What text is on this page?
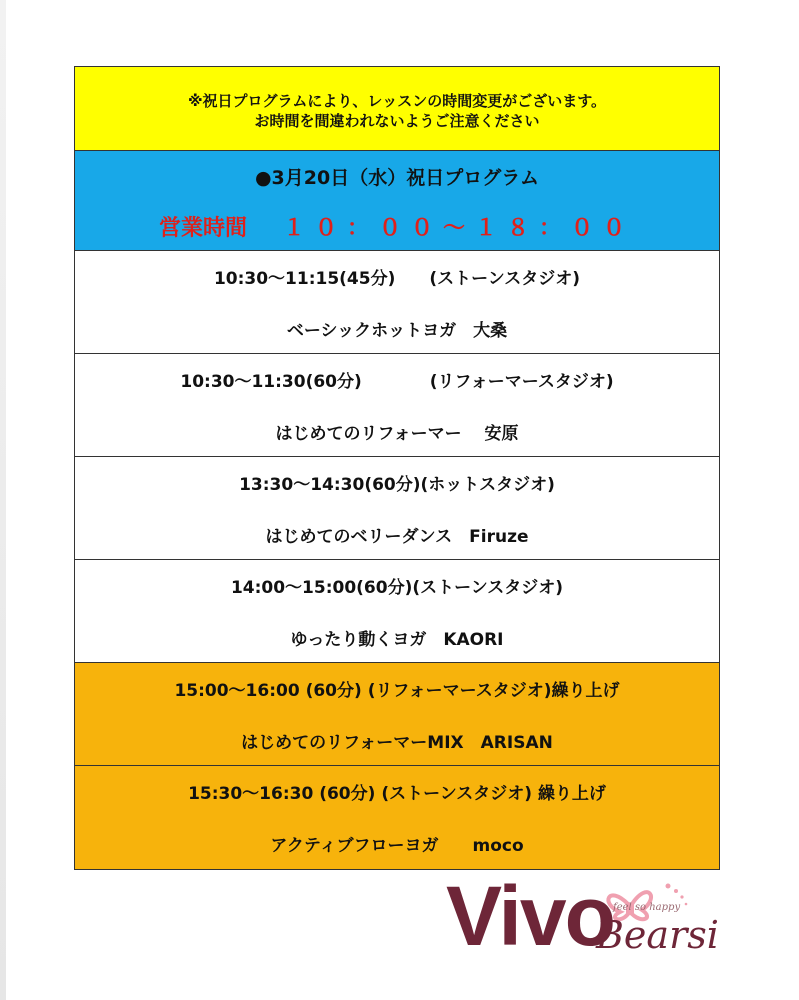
※祝日プログラムにより、レッスンの時間変更がございます。
お時間を間違われないようご注意ください
●3月20日（水）祝日プログラム
営業時間 １０：００〜１８：００
10:30〜11:15(45分)　　(ストーンスタジオ)
ベーシックホットヨガ　大桑
10:30〜11:30(60分)　　　　(リフォーマースタジオ)
はじめてのリフォーマー　 安原
13:30〜14:30(60分)(ホットスタジオ)
はじめてのベリーダンス　Firuze
14:00〜15:00(60分)(ストーンスタジオ)
ゆったり動くヨガ　KAORI
15:00〜16:00 (60分) (リフォーマースタジオ)繰り上げ
はじめてのリフォーマーMIX　ARISAN
15:30〜16:30 (60分) (ストーンスタジオ) 繰り上げ
アクティブフローヨガ　　moco
Vivo feel so happy
Bearsi
